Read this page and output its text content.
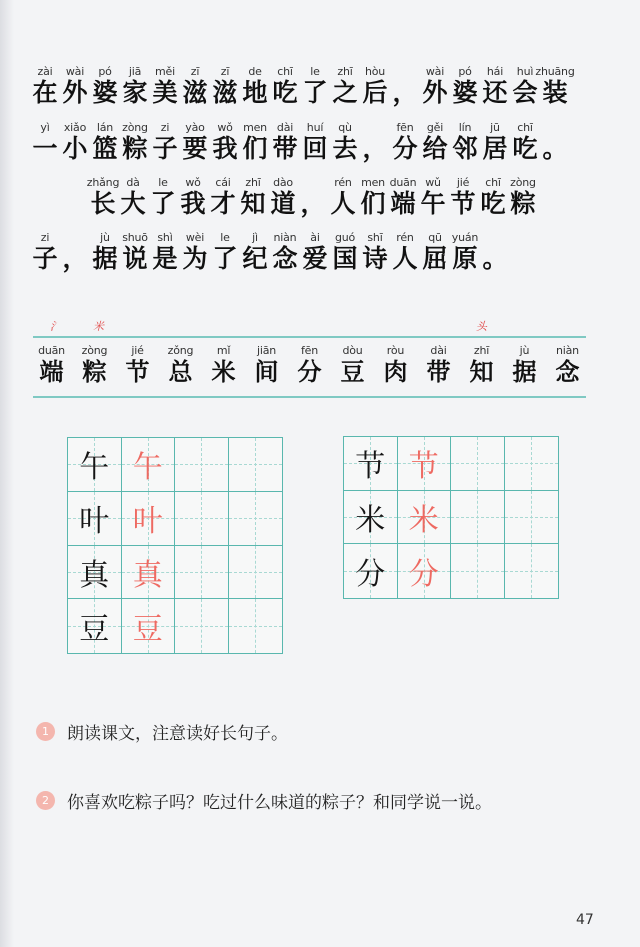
zài
在
wài
外
pó
婆
jiā
家
měi
美
zī
滋
zī
滋
de
地
chī
吃
le
了
zhī
之
hòu
后 ，
wài
外
pó
婆
hái
还
huì
会
zhuāng
装
yì
一
xiǎo
小
lán
篮
zòng
粽
zi
子
yào
要
wǒ
我
men
们
dài
带
huí
回
qù
去 ，
fēn
分
gěi
给
lín
邻
jū
居
chī
吃 。
zhǎng
长
dà
大
le
了
wǒ
我
cái
才
zhī
知
dào
道 ，
rén
人
men
们
duān
端
wǔ
午
jié
节
chī
吃
zòng
粽
zi
子 ，
jù
据
shuō
说
shì
是
wèi
为
le
了
jì
纪
niàn
念
ài
爱
guó
国
shī
诗
rén
人
qū
屈
yuán
原 。
氵	米	头
duān
端
zòng
粽
jié
节
zǒng
总
mǐ
米
jiān
间
fēn
分
dòu
豆
ròu
肉
dài
带
zhī
知
jù
据
niàn
念
午 午
叶 叶
真 真
豆 豆
节 节
米 米
分 分
1	朗读课文，注意读好长句子。
2	你喜欢吃粽子吗？吃过什么味道的粽子？和同学说一说。
47
